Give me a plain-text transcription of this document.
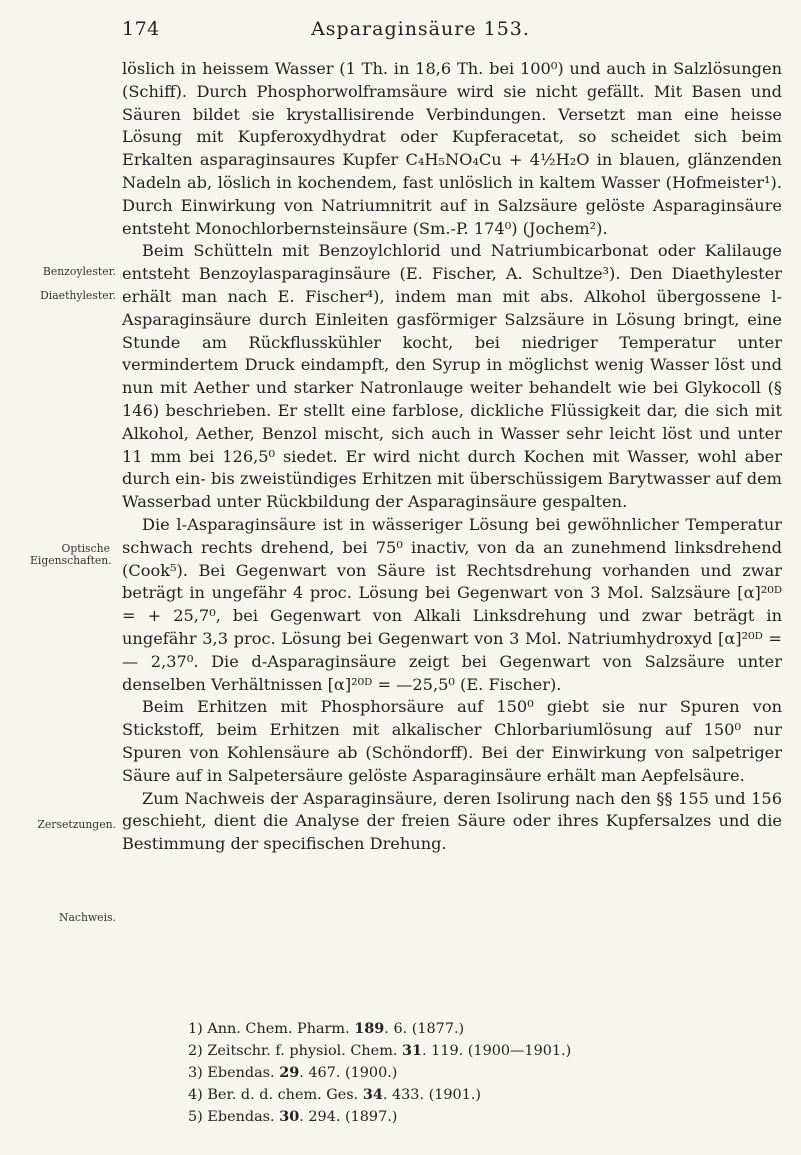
174	Asparaginsäure 153.
Benzoylester.
Diaethylester.
Optische Eigenschaften.
Zersetzungen.
Nachweis.

löslich in heissem Wasser (1 Th. in 18,6 Th. bei 100⁰) und auch in Salzlösungen (Schiff). Durch Phosphorwolframsäure wird sie nicht gefällt. Mit Basen und Säuren bildet sie krystallisirende Verbindungen. Versetzt man eine heisse Lösung mit Kupferoxydhydrat oder Kupferacetat, so scheidet sich beim Erkalten asparaginsaures Kupfer C₄H₅NO₄Cu + 4½H₂O in blauen, glänzenden Nadeln ab, löslich in kochendem, fast unlöslich in kaltem Wasser (Hofmeister¹). Durch Einwirkung von Natriumnitrit auf in Salzsäure gelöste Asparaginsäure entsteht Monochlorbernsteinsäure (Sm.-P. 174⁰) (Jochem²).

Beim Schütteln mit Benzoylchlorid und Natriumbicarbonat oder Kalilauge entsteht Benzoylasparaginsäure (E. Fischer, A. Schultze³). Den Diaethylester erhält man nach E. Fischer⁴), indem man mit abs. Alkohol übergossene l-Asparaginsäure durch Einleiten gasförmiger Salzsäure in Lösung bringt, eine Stunde am Rückflusskühler kocht, bei niedriger Temperatur unter vermindertem Druck eindampft, den Syrup in möglichst wenig Wasser löst und nun mit Aether und starker Natronlauge weiter behandelt wie bei Glykocoll (§ 146) beschrieben. Er stellt eine farblose, dickliche Flüssigkeit dar, die sich mit Alkohol, Aether, Benzol mischt, sich auch in Wasser sehr leicht löst und unter 11 mm bei 126,5⁰ siedet. Er wird nicht durch Kochen mit Wasser, wohl aber durch ein- bis zweistündiges Erhitzen mit überschüssigem Barytwasser auf dem Wasserbad unter Rückbildung der Asparaginsäure gespalten.

Die l-Asparaginsäure ist in wässeriger Lösung bei gewöhnlicher Temperatur schwach rechts drehend, bei 75⁰ inactiv, von da an zunehmend linksdrehend (Cook⁵). Bei Gegenwart von Säure ist Rechtsdrehung vorhanden und zwar beträgt in ungefähr 4 proc. Lösung bei Gegenwart von 3 Mol. Salzsäure [α]²⁰ᴰ = + 25,7⁰, bei Gegenwart von Alkali Linksdrehung und zwar beträgt in ungefähr 3,3 proc. Lösung bei Gegenwart von 3 Mol. Natriumhydroxyd [α]²⁰ᴰ = — 2,37⁰. Die d-Asparaginsäure zeigt bei Gegenwart von Salzsäure unter denselben Verhältnissen [α]²⁰ᴰ = —25,5⁰ (E. Fischer).

Beim Erhitzen mit Phosphorsäure auf 150⁰ giebt sie nur Spuren von Stickstoff, beim Erhitzen mit alkalischer Chlorbariumlösung auf 150⁰ nur Spuren von Kohlensäure ab (Schöndorff). Bei der Einwirkung von salpetriger Säure auf in Salpetersäure gelöste Asparaginsäure erhält man Aepfelsäure.

Zum Nachweis der Asparaginsäure, deren Isolirung nach den §§ 155 und 156 geschieht, dient die Analyse der freien Säure oder ihres Kupfersalzes und die Bestimmung der specifischen Drehung.

1) Ann. Chem. Pharm. 189. 6. (1877.)
2) Zeitschr. f. physiol. Chem. 31. 119. (1900—1901.)
3) Ebendas. 29. 467. (1900.)
4) Ber. d. d. chem. Ges. 34. 433. (1901.)
5) Ebendas. 30. 294. (1897.)
